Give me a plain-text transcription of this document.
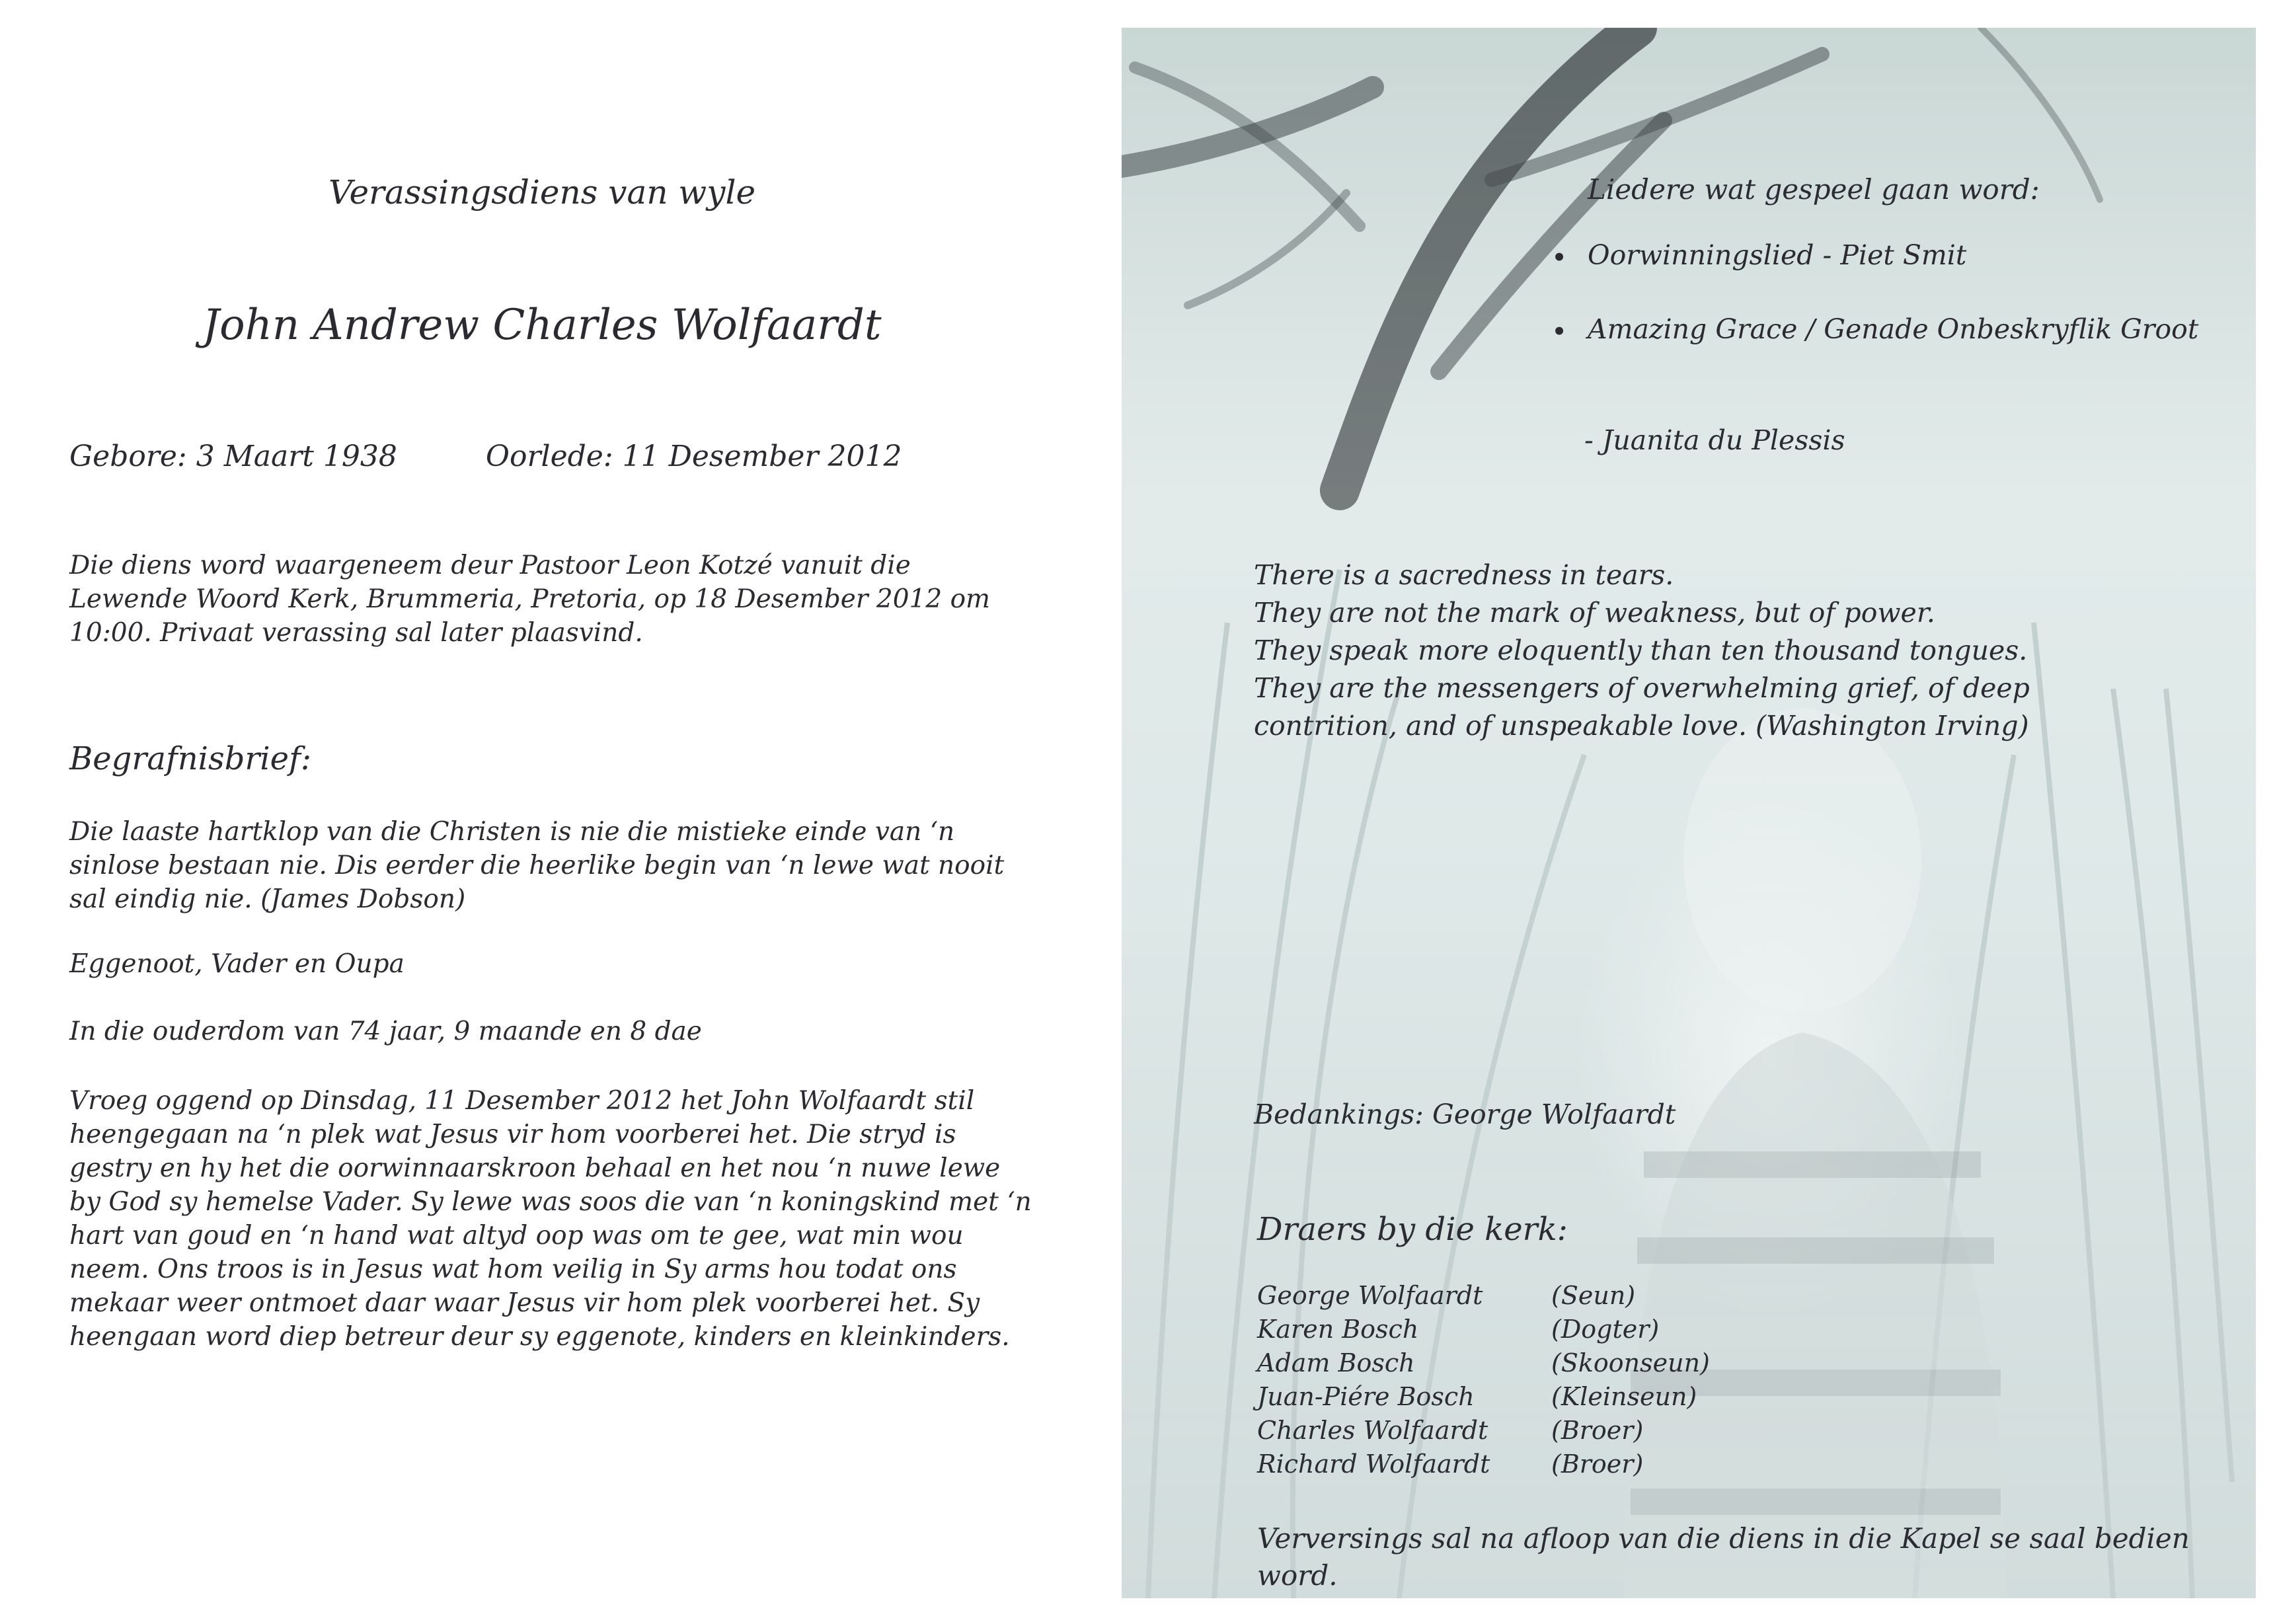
Verassingsdiens van wyle
John Andrew Charles Wolfaardt
Gebore: 3 Maart 1938	Oorlede: 11 Desember 2012

Die diens word waargeneem deur Pastoor Leon Kotzé vanuit die Lewende Woord Kerk, Brummeria, Pretoria, op 18 Desember 2012 om 10:00. Privaat verassing sal later plaasvind.

Begrafnisbrief:

Die laaste hartklop van die Christen is nie die mistieke einde van ‘n sinlose bestaan nie. Dis eerder die heerlike begin van ‘n lewe wat nooit sal eindig nie. (James Dobson)

Eggenoot, Vader en Oupa

In die ouderdom van 74 jaar, 9 maande en 8 dae

Vroeg oggend op Dinsdag, 11 Desember 2012 het John Wolfaardt stil heengegaan na ‘n plek wat Jesus vir hom voorberei het. Die stryd is gestry en hy het die oorwinnaarskroon behaal en het nou ‘n nuwe lewe by God sy hemelse Vader. Sy lewe was soos die van ‘n koningskind met ‘n hart van goud en ‘n hand wat altyd oop was om te gee, wat min wou neem. Ons troos is in Jesus wat hom veilig in Sy arms hou todat ons mekaar weer ontmoet daar waar Jesus vir hom plek voorberei het. Sy heengaan word diep betreur deur sy eggenote, kinders en kleinkinders.

Liedere wat gespeel gaan word:
• Oorwinningslied - Piet Smit
• Amazing Grace / Genade Onbeskryflik Groot
- Juanita du Plessis
There is a sacredness in tears.
They are not the mark of weakness, but of power.
They speak more eloquently than ten thousand tongues.
They are the messengers of overwhelming grief, of deep
contrition, and of unspeakable love. (Washington Irving)
Bedankings: George Wolfaardt
Draers by die kerk:
George Wolfaardt	(Seun)
Karen Bosch	(Dogter)
Adam Bosch	(Skoonseun)
Juan-Piére Bosch	(Kleinseun)
Charles Wolfaardt	(Broer)
Richard Wolfaardt (Broer)

Verversings sal na afloop van die diens in die Kapel se saal bedien word.
